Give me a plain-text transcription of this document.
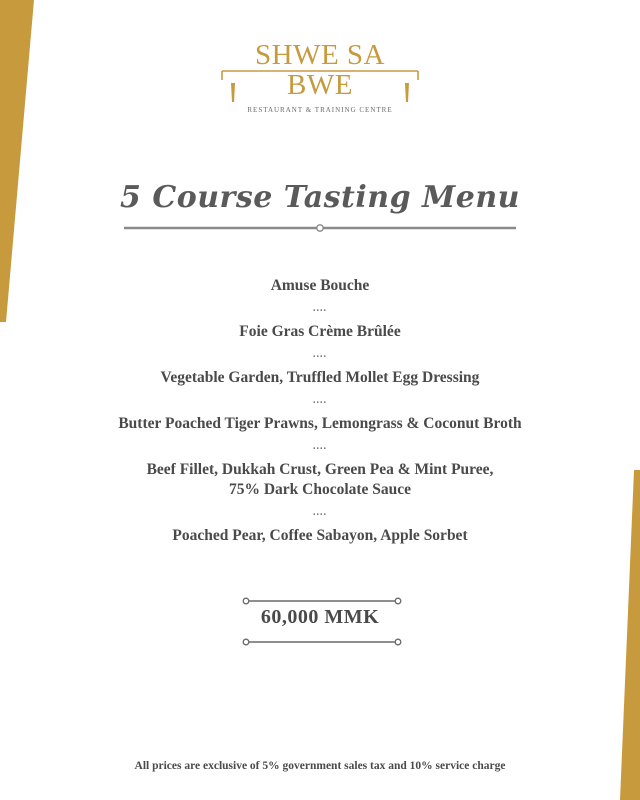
SHWE SA BWE
RESTAURANT & TRAINING CENTRE
5 Course Tasting Menu
Amuse Bouche
....
Foie Gras Crème Brûlée
....
Vegetable Garden, Truffled Mollet Egg Dressing
....
Butter Poached Tiger Prawns, Lemongrass & Coconut Broth
....
Beef Fillet, Dukkah Crust, Green Pea & Mint Puree,
75% Dark Chocolate Sauce
....
Poached Pear, Coffee Sabayon, Apple Sorbet
60,000 MMK
All prices are exclusive of 5% government sales tax and 10% service charge
